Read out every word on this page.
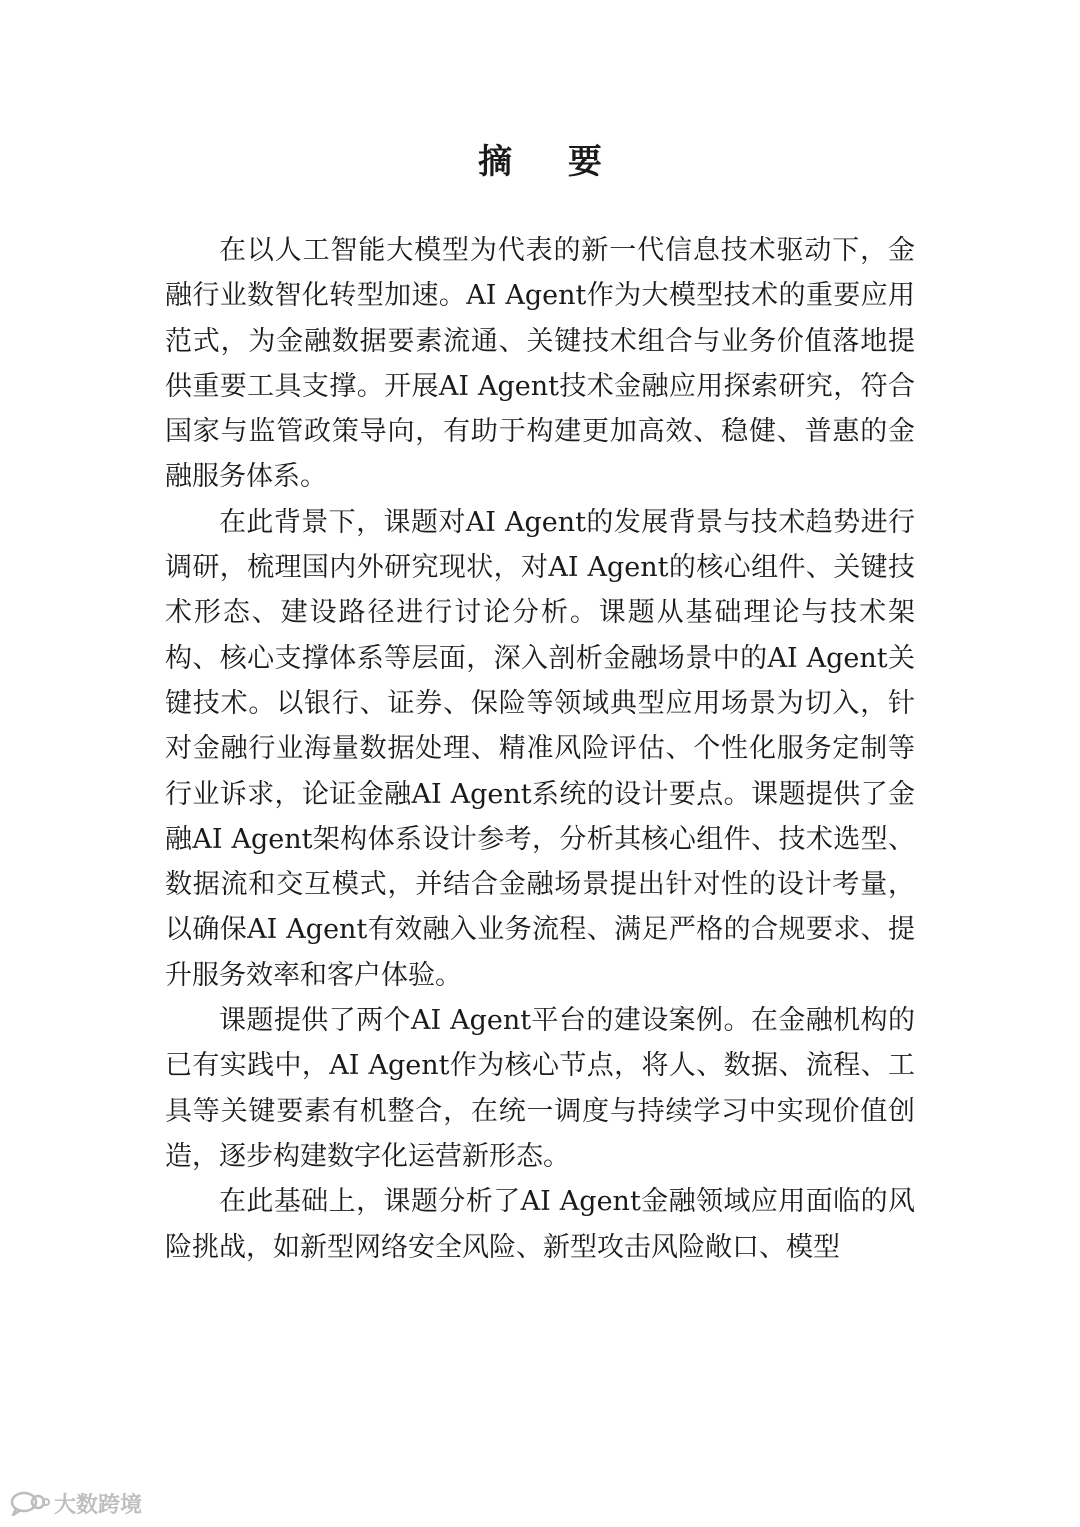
摘 要

在以人工智能大模型为代表的新一代信息技术驱动下，金融行业数智化转型加速。AI Agent作为大模型技术的重要应用范式，为金融数据要素流通、关键技术组合与业务价值落地提供重要工具支撑。开展AI Agent技术金融应用探索研究，符合国家与监管政策导向，有助于构建更加高效、稳健、普惠的金融服务体系。

在此背景下，课题对AI Agent的发展背景与技术趋势进行调研，梳理国内外研究现状，对AI Agent的核心组件、关键技术形态、建设路径进行讨论分析。课题从基础理论与技术架构、核心支撑体系等层面，深入剖析金融场景中的AI Agent关键技术。以银行、证券、保险等领域典型应用场景为切入，针对金融行业海量数据处理、精准风险评估、个性化服务定制等行业诉求，论证金融AI Agent系统的设计要点。课题提供了金融AI Agent架构体系设计参考，分析其核心组件、技术选型、数据流和交互模式，并结合金融场景提出针对性的设计考量，以确保AI Agent有效融入业务流程、满足严格的合规要求、提升服务效率和客户体验。

课题提供了两个AI Agent平台的建设案例。在金融机构的已有实践中，AI Agent作为核心节点，将人、数据、流程、工具等关键要素有机整合，在统一调度与持续学习中实现价值创造，逐步构建数字化运营新形态。

在此基础上，课题分析了AI Agent金融领域应用面临的风险挑战，如新型网络安全风险、新型攻击风险敞口、模型

大数跨境
